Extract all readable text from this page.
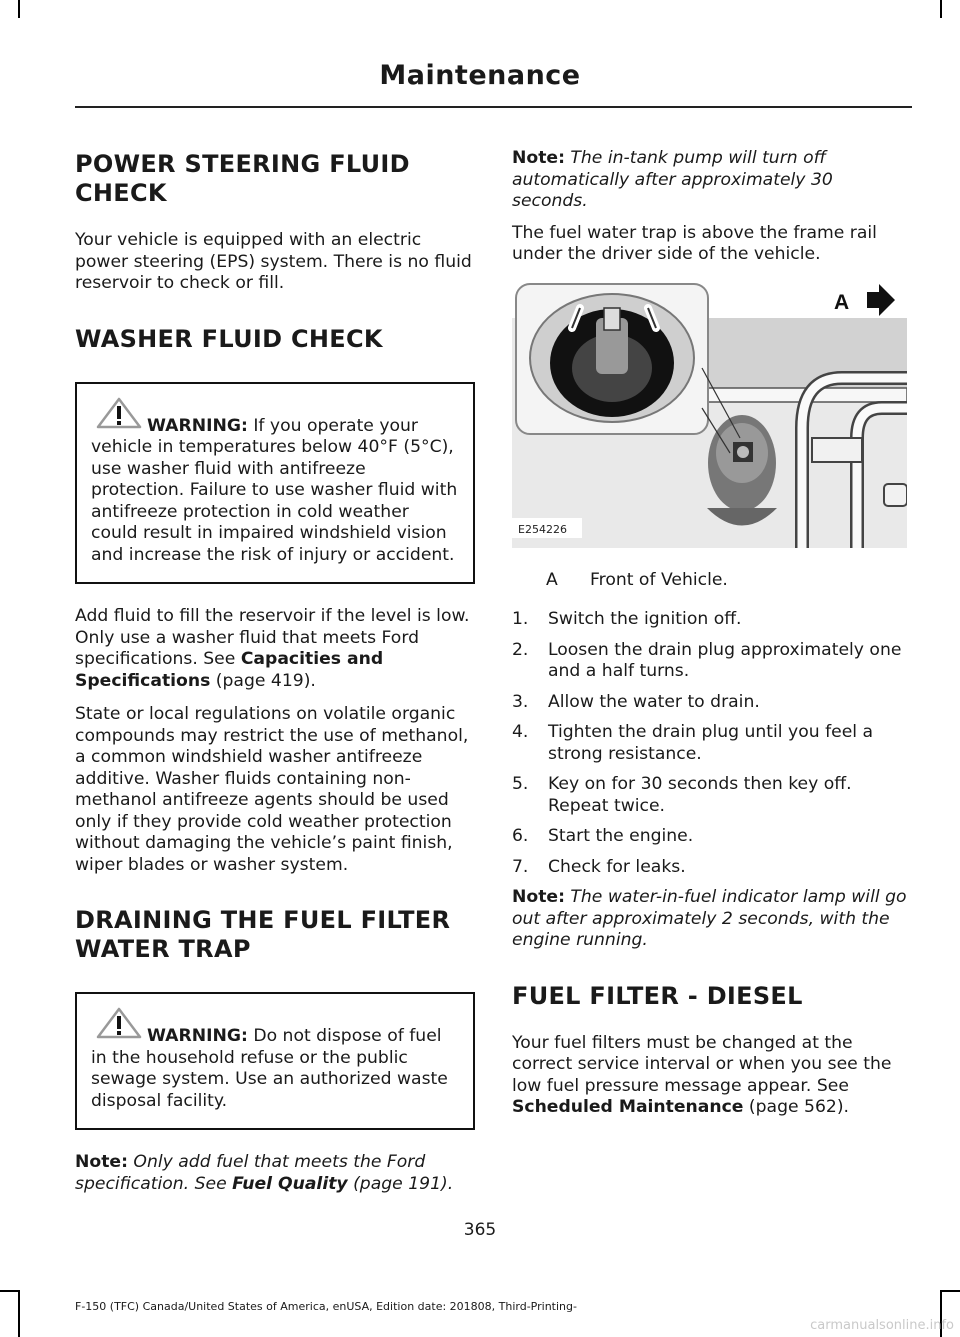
Maintenance
POWER STEERING FLUID
CHECK

Your vehicle is equipped with an electric power steering (EPS) system. There is no fluid reservoir to check or fill.

WASHER FLUID CHECK

WARNING: If you operate your vehicle in temperatures below 40°F (5°C), use washer fluid with antifreeze protection. Failure to use washer fluid with antifreeze protection in cold weather could result in impaired windshield vision and increase the risk of injury or accident.

Add fluid to fill the reservoir if the level is low. Only use a washer fluid that meets Ford specifications. See Capacities and Specifications (page 419).

State or local regulations on volatile organic compounds may restrict the use of methanol, a common windshield washer antifreeze additive. Washer fluids containing non-methanol antifreeze agents should be used only if they provide cold weather protection without damaging the vehicle’s paint finish, wiper blades or washer system.

DRAINING THE FUEL FILTER
WATER TRAP

WARNING: Do not dispose of fuel in the household refuse or the public sewage system. Use an authorized waste disposal facility.

Note: Only add fuel that meets the Ford specification. See Fuel Quality (page 191).

Note: The in-tank pump will turn off automatically after approximately 30 seconds.

The fuel water trap is above the frame rail under the driver side of the vehicle.

A
E254226

A Front of Vehicle.

1. Switch the ignition off.
2. Loosen the drain plug approximately one and a half turns.
3. Allow the water to drain.
4. Tighten the drain plug until you feel a strong resistance.
5. Key on for 30 seconds then key off. Repeat twice.
6. Start the engine.
7. Check for leaks.

Note: The water-in-fuel indicator lamp will go out after approximately 2 seconds, with the engine running.

FUEL FILTER - DIESEL

Your fuel filters must be changed at the correct service interval or when you see the low fuel pressure message appear. See Scheduled Maintenance (page 562).

365
F-150 (TFC) Canada/United States of America, enUSA, Edition date: 201808, Third-Printing-
carmanualsonline.info
